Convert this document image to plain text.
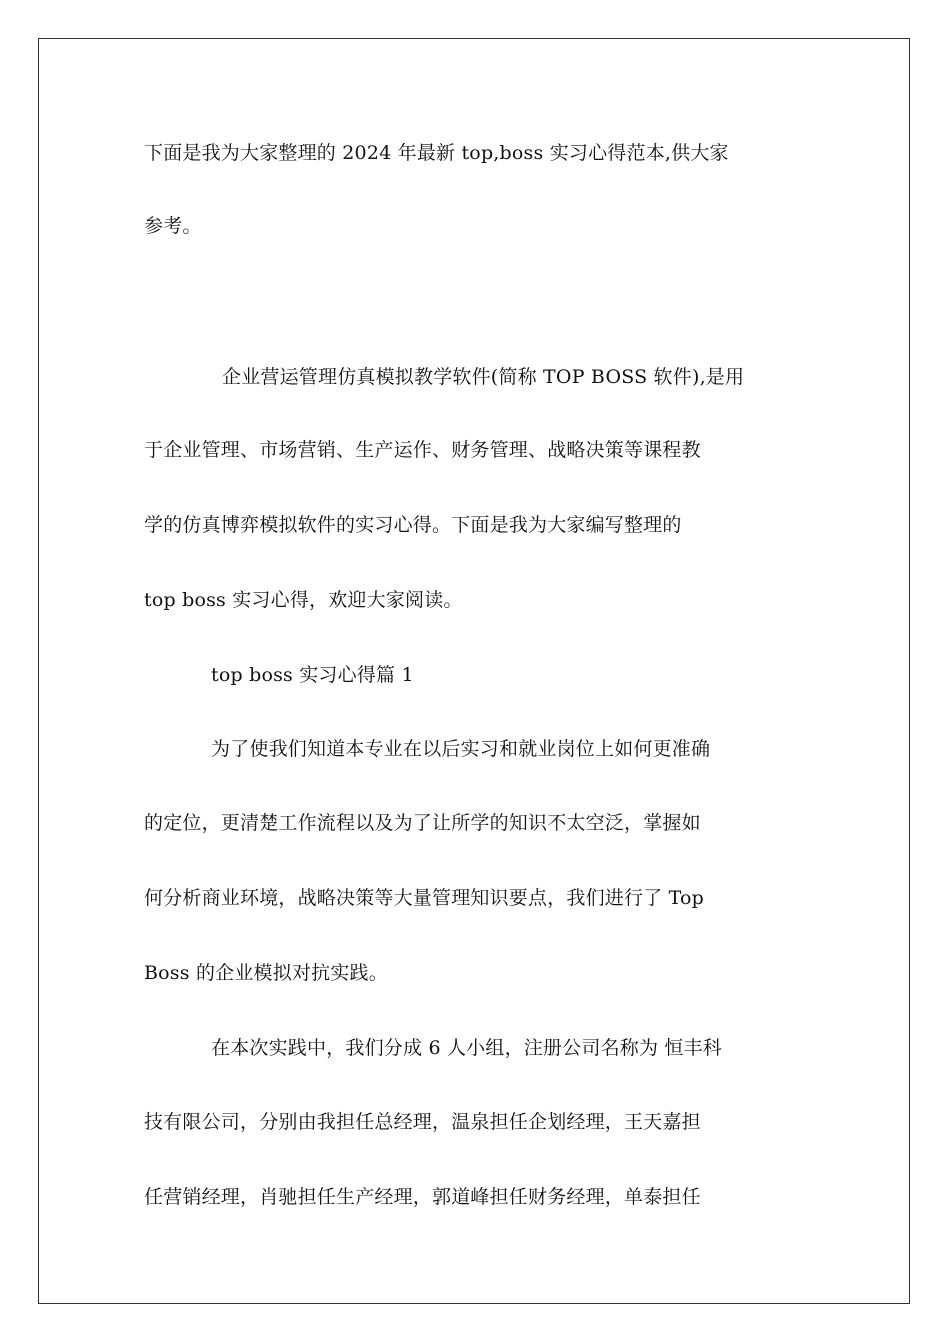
下面是我为大家整理的 2024 年最新 top,boss 实习心得范本,供大家
参考。
企业营运管理仿真模拟教学软件(简称 TOP BOSS 软件),是用
于企业管理、市场营销、生产运作、财务管理、战略决策等课程教
学的仿真博弈模拟软件的实习心得。下面是我为大家编写整理的
top boss 实习心得，欢迎大家阅读。
top boss 实习心得篇 1
为了使我们知道本专业在以后实习和就业岗位上如何更准确
的定位，更清楚工作流程以及为了让所学的知识不太空泛，掌握如
何分析商业环境，战略决策等大量管理知识要点，我们进行了 Top
Boss 的企业模拟对抗实践。
在本次实践中，我们分成 6 人小组，注册公司名称为 恒丰科
技有限公司，分别由我担任总经理，温泉担任企划经理，王天嘉担
任营销经理，肖驰担任生产经理，郭道峰担任财务经理，单泰担任
